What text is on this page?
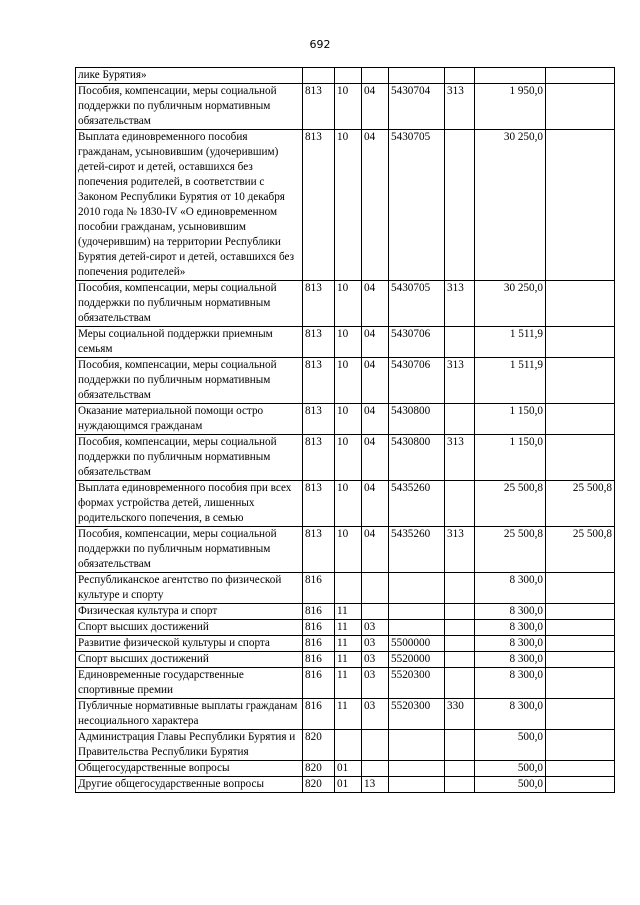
692
лике Бурятия»							
Пособия, компенсации, меры социальной поддержки по публичным нормативным обязательствам	813	10	04	5430704	313	1 950,0	
Выплата единовременного пособия гражданам, усыновившим (удочерившим) детей-сирот и детей, оставшихся без попечения родителей, в соответствии с Законом Республики Бурятия от 10 декабря 2010 года № 1830-IV «О единовременном пособии гражданам, усыновившим (удочерившим) на территории Республики Бурятия детей-сирот и детей, оставшихся без попечения родителей»	813	10	04	5430705		30 250,0	
Пособия, компенсации, меры социальной поддержки по публичным нормативным обязательствам	813	10	04	5430705	313	30 250,0	
Меры социальной поддержки приемным семьям	813	10	04	5430706		1 511,9	
Пособия, компенсации, меры социальной поддержки по публичным нормативным обязательствам	813	10	04	5430706	313	1 511,9	
Оказание материальной помощи остро нуждающимся гражданам	813	10	04	5430800		1 150,0	
Пособия, компенсации, меры социальной поддержки по публичным нормативным обязательствам	813	10	04	5430800	313	1 150,0	
Выплата единовременного пособия при всех формах устройства детей, лишенных родительского попечения, в семью	813	10	04	5435260		25 500,8	25 500,8
Пособия, компенсации, меры социальной поддержки по публичным нормативным обязательствам	813	10	04	5435260	313	25 500,8	25 500,8
Республиканское агентство по физической культуре и спорту	816					8 300,0	
Физическая культура и спорт	816	11				8 300,0	
Спорт высших достижений	816	11	03			8 300,0	
Развитие физической культуры и спорта	816	11	03	5500000		8 300,0	
Спорт высших достижений	816	11	03	5520000		8 300,0	
Единовременные государственные спортивные премии	816	11	03	5520300		8 300,0	
Публичные нормативные выплаты гражданам несоциального характера	816	11	03	5520300	330	8 300,0	
Администрация Главы Республики Бурятия и Правительства Республики Бурятия	820					500,0	
Общегосударственные вопросы	820	01				500,0	
Другие общегосударственные вопросы	820	01	13			500,0	
